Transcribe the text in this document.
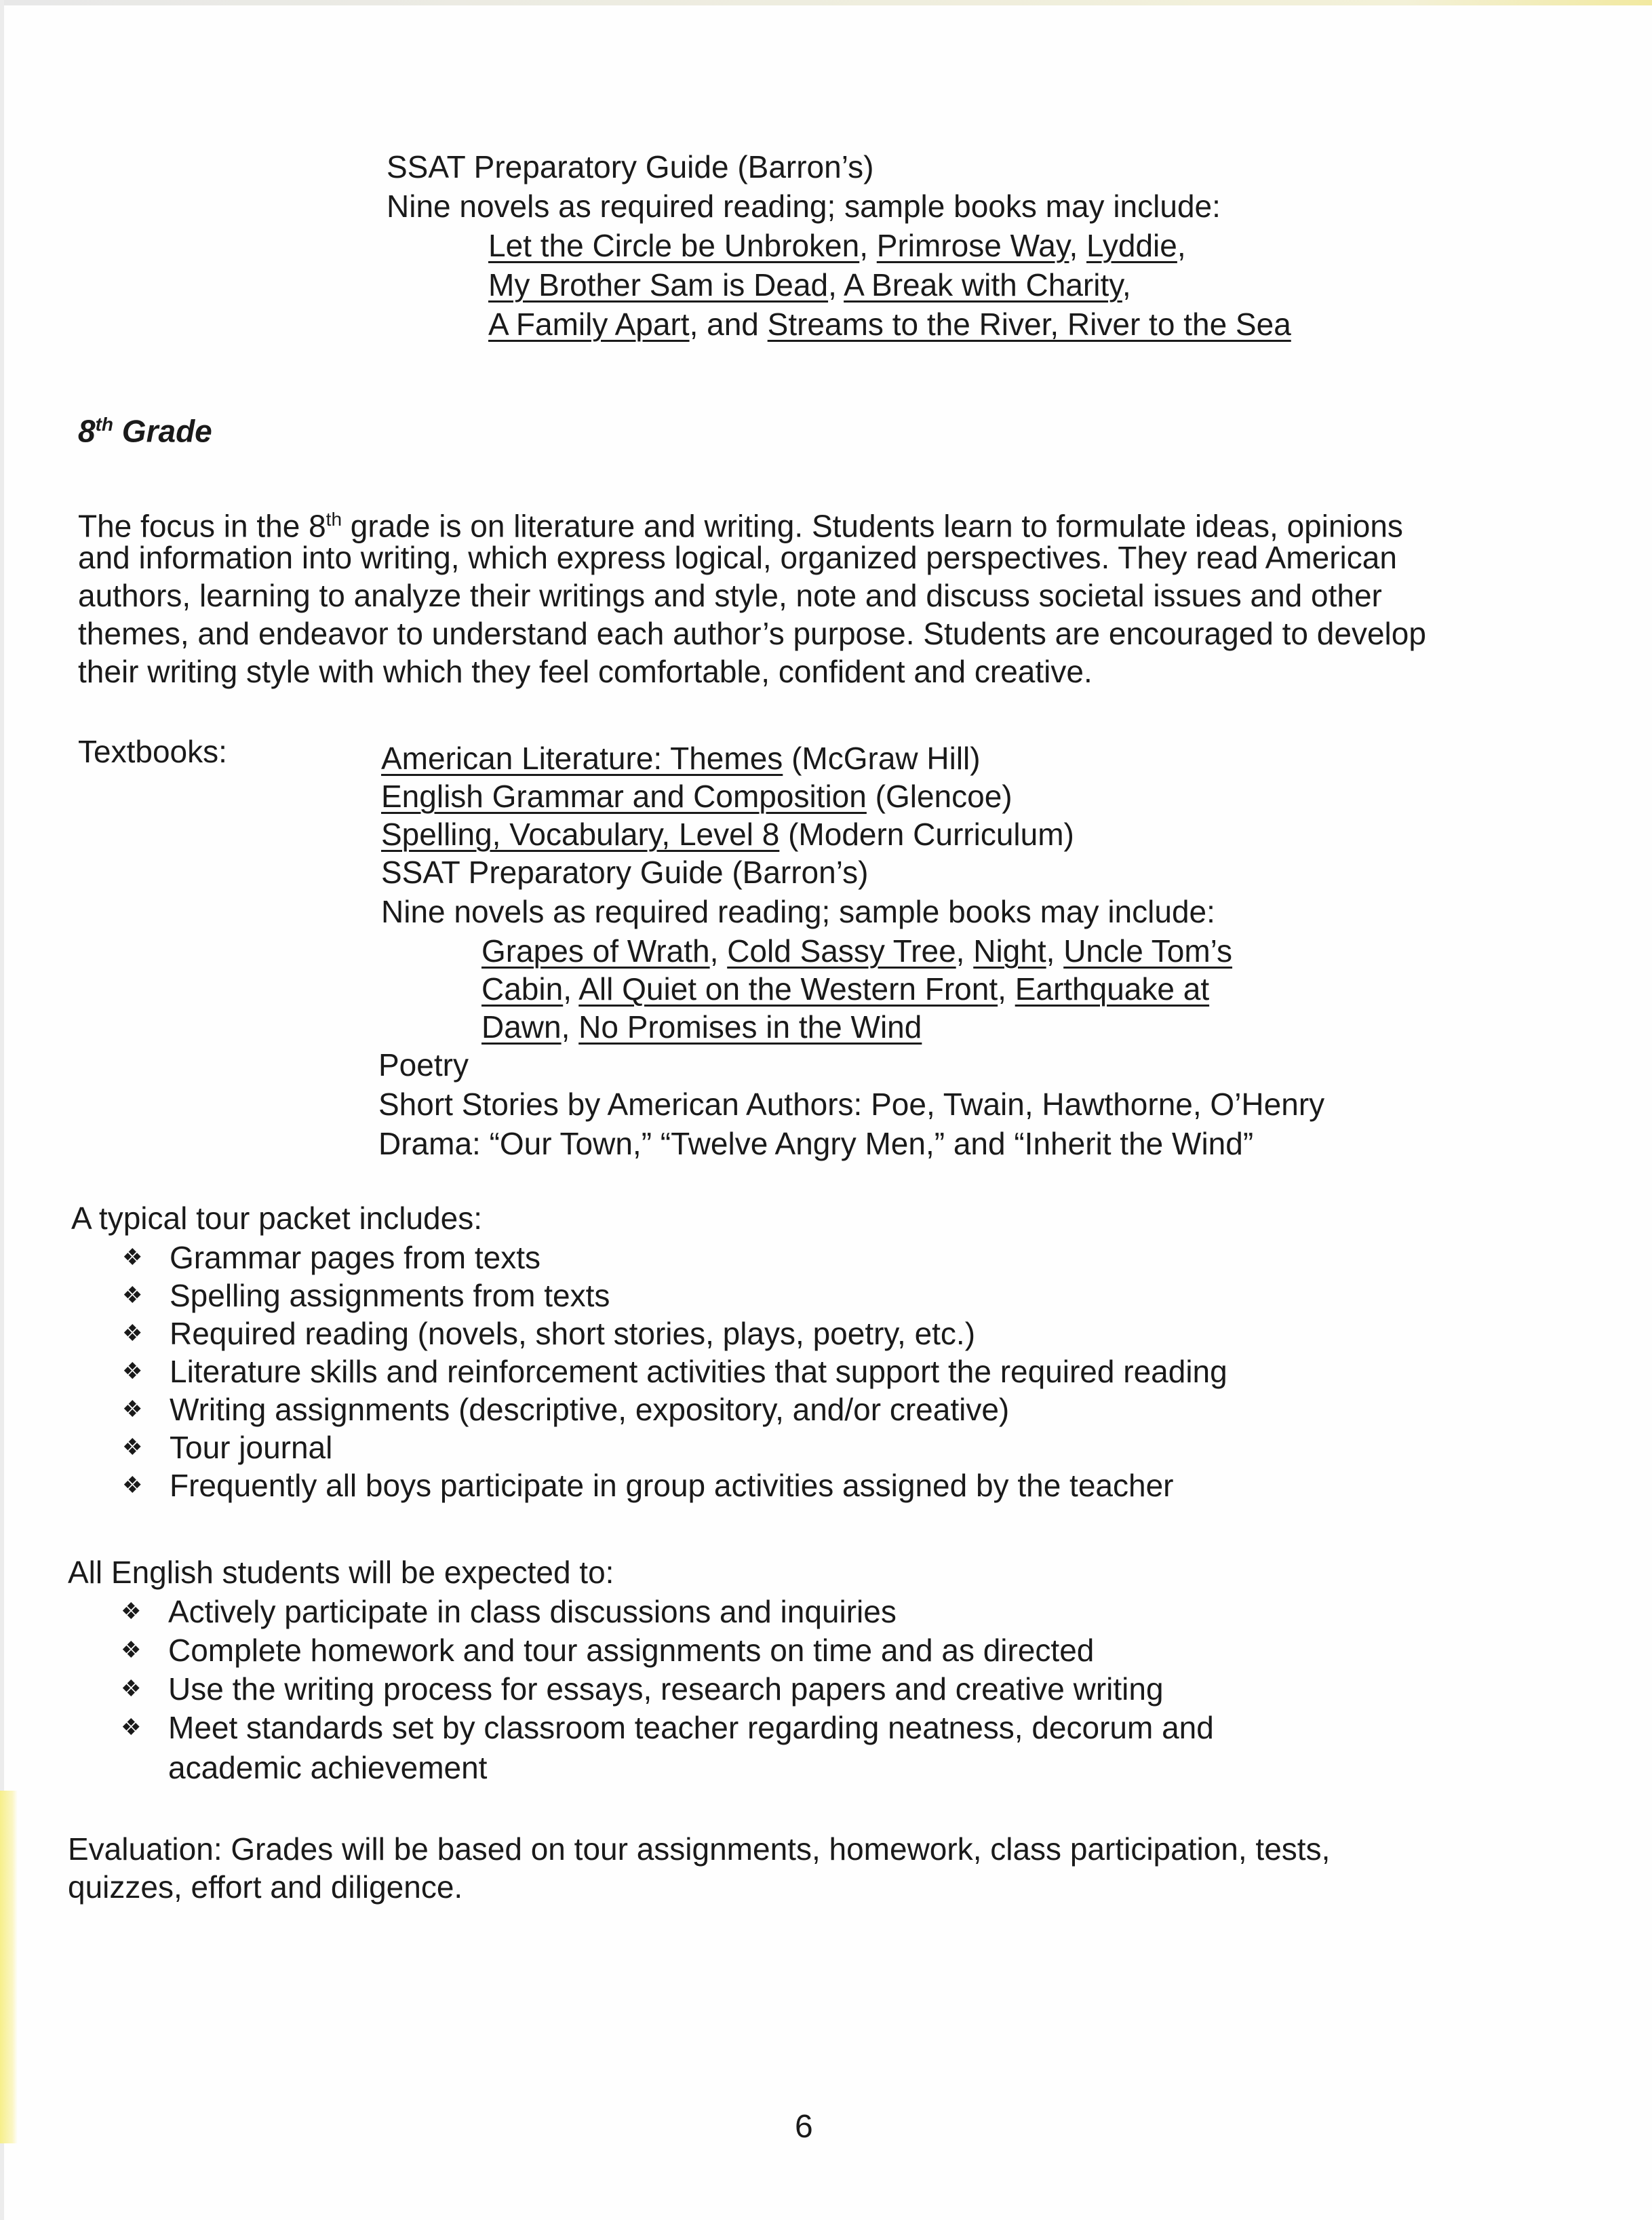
SSAT Preparatory Guide (Barron’s)
Nine novels as required reading; sample books may include:
Let the Circle be Unbroken, Primrose Way, Lyddie,
My Brother Sam is Dead, A Break with Charity,
A Family Apart, and Streams to the River, River to the Sea
8th Grade
The focus in the 8th grade is on literature and writing. Students learn to formulate ideas, opinions
and information into writing, which express logical, organized perspectives. They read American
authors, learning to analyze their writings and style, note and discuss societal issues and other
themes, and endeavor to understand each author’s purpose. Students are encouraged to develop
their writing style with which they feel comfortable, confident and creative.
Textbooks:	American Literature: Themes (McGraw Hill)
English Grammar and Composition (Glencoe)
Spelling, Vocabulary, Level 8 (Modern Curriculum)
SSAT Preparatory Guide (Barron’s)
Nine novels as required reading; sample books may include:
Grapes of Wrath, Cold Sassy Tree, Night, Uncle Tom’s
Cabin, All Quiet on the Western Front, Earthquake at
Dawn, No Promises in the Wind
Poetry
Short Stories by American Authors: Poe, Twain, Hawthorne, O’Henry
Drama: “Our Town,” “Twelve Angry Men,” and “Inherit the Wind”
A typical tour packet includes:
❖ Grammar pages from texts
❖ Spelling assignments from texts
❖ Required reading (novels, short stories, plays, poetry, etc.)
❖ Literature skills and reinforcement activities that support the required reading
❖ Writing assignments (descriptive, expository, and/or creative)
❖ Tour journal
❖ Frequently all boys participate in group activities assigned by the teacher
All English students will be expected to:
❖ Actively participate in class discussions and inquiries
❖ Complete homework and tour assignments on time and as directed
❖ Use the writing process for essays, research papers and creative writing
❖ Meet standards set by classroom teacher regarding neatness, decorum and
academic achievement
Evaluation: Grades will be based on tour assignments, homework, class participation, tests,
quizzes, effort and diligence.
6
